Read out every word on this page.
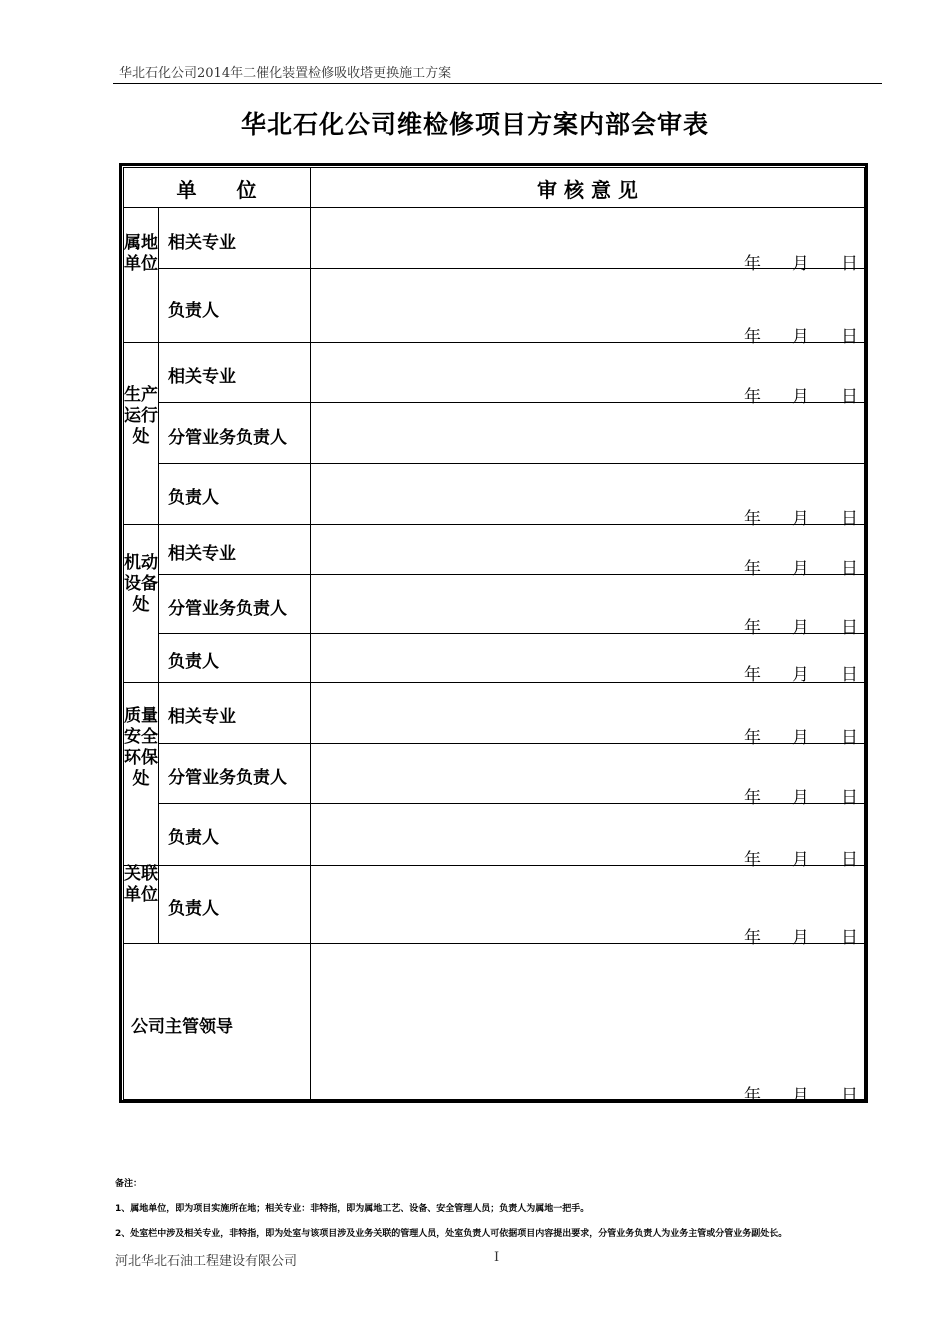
华北石化公司2014年二催化装置检修吸收塔更换施工方案
华北石化公司维检修项目方案内部会审表
单　　位	审 核 意 见
属地单位
生产运行处
机动设备处
质量安全环保处
关联单位
相关专业
负责人
相关专业
分管业务负责人
负责人
相关专业
分管业务负责人
负责人
相关专业
分管业务负责人
负责人
负责人
公司主管领导
年 月 日
年 月 日
年 月 日
年 月 日
年 月 日
年 月 日
年 月 日
年 月 日
年 月 日
年 月 日
年 月 日
年 月 日
备注：
1、属地单位，即为项目实施所在地；相关专业：非特指，即为属地工艺、设备、安全管理人员；负责人为属地一把手。
2、处室栏中涉及相关专业，非特指，即为处室与该项目涉及业务关联的管理人员，处室负责人可依据项目内容提出要求，分管业务负责人为业务主管或分管业务副处长。
河北华北石油工程建设有限公司	I
